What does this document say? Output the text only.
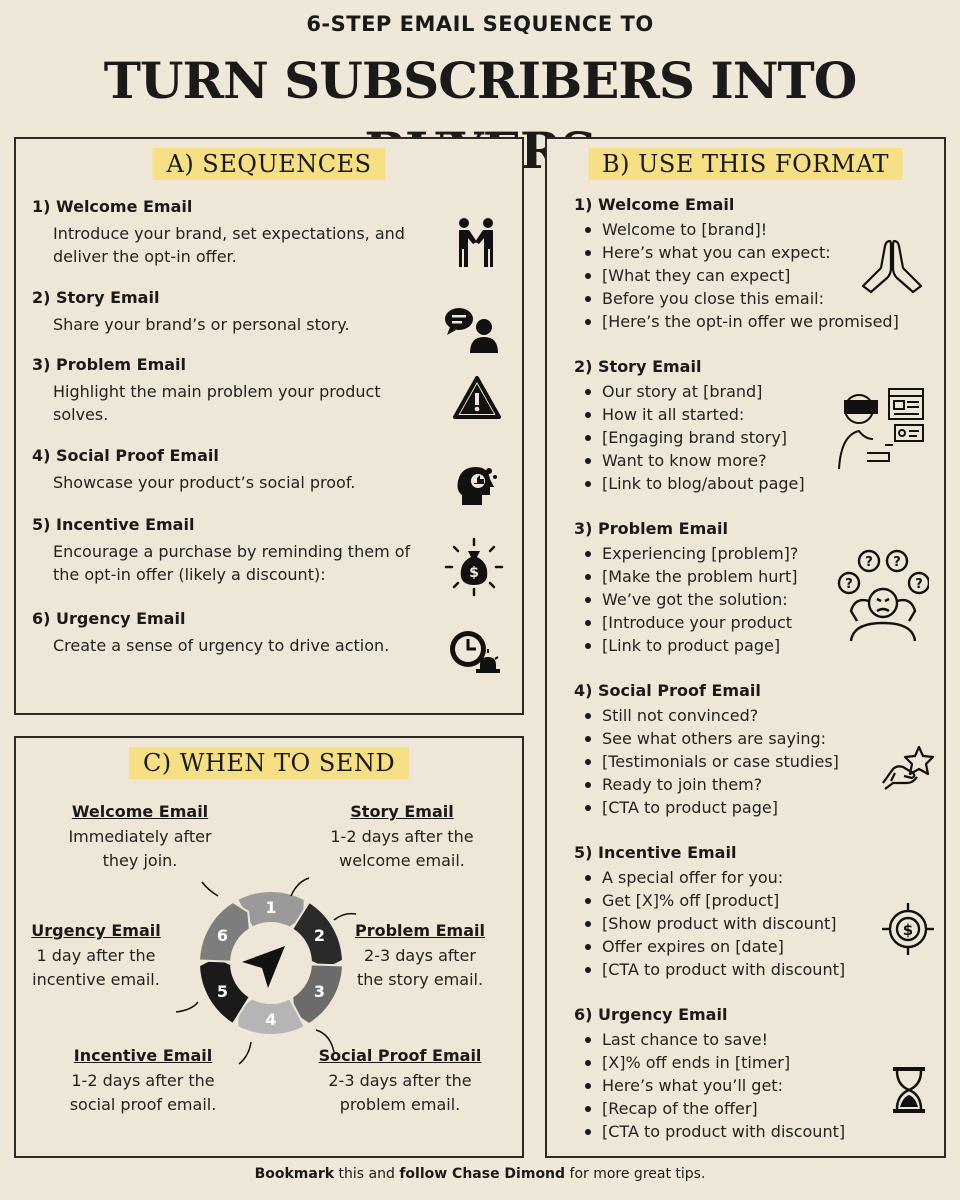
6-STEP EMAIL SEQUENCE TO
TURN SUBSCRIBERS INTO
A) SEQUENCES
1) Welcome Email
Introduce your brand, set expectations, and deliver the opt-in offer.
2) Story Email
Share your brand’s or personal story.
3) Problem Email
Highlight the main problem your product solves.
4) Social Proof Email
Showcase your product’s social proof.
5) Incentive Email
Encourage a purchase by reminding them of the opt-in offer (likely a discount):
6) Urgency Email
Create a sense of urgency to drive action.
$
B) USE THIS FORMAT
1) Welcome Email
Welcome to [brand]!
Here’s what you can expect:
[What they can expect]
Before you close this email:
[Here’s the opt-in offer we promised]
2) Story Email
Our story at [brand]
How it all started:
[Engaging brand story]
Want to know more?
[Link to blog/about page]
3) Problem Email
Experiencing [problem]?
[Make the problem hurt]
We’ve got the solution:
[Introduce your product
[Link to product page]
4) Social Proof Email
Still not convinced?
See what others are saying:
[Testimonials or case studies]
Ready to join them?
[CTA to product page]
5) Incentive Email
A special offer for you:
Get [X]% off [product]
[Show product with discount]
Offer expires on [date]
[CTA to product with discount]
6) Urgency Email
Last chance to save!
[X]% off ends in [timer]
Here’s what you’ll get:
[Recap of the offer]
[CTA to product with discount]
? ?
?	?
$
C) WHEN TO SEND
Welcome Email
Immediately after
they join.
Story Email
1-2 days after the
welcome email.
Problem Email
2-3 days after
the story email.
Social Proof Email
2-3 days after the
problem email.
Incentive Email
1-2 days after the
social proof email.
Urgency Email
1 day after the
incentive email.
1
2
3
4
5
6
Bookmark this and follow Chase Dimond for more great tips.
